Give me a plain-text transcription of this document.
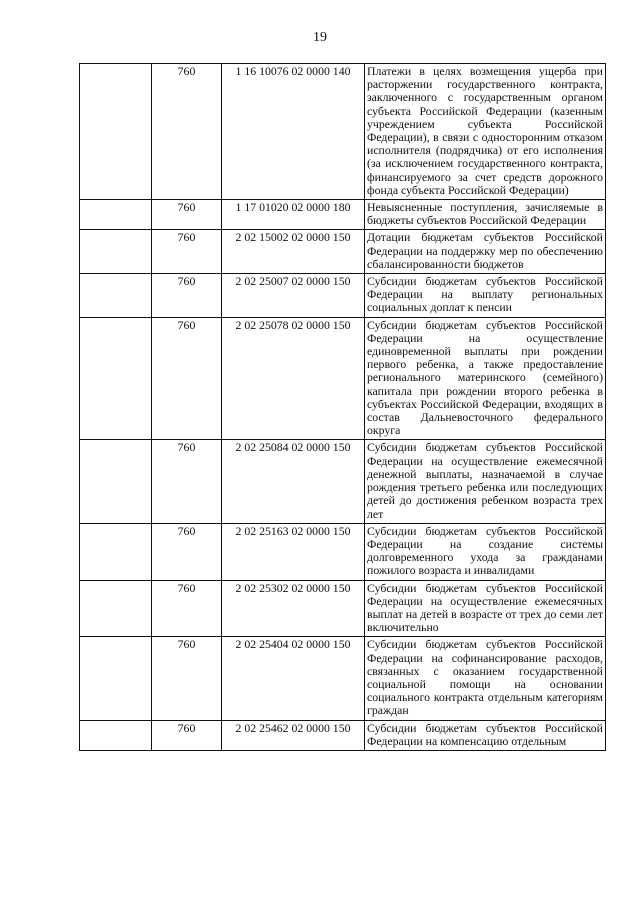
19
	760	1 16 10076 02 0000 140	Платежи в целях возмещения ущерба при расторжении государственного контракта, заключенного с государственным органом субъекта Российской Федерации (казенным учреждением субъекта Российской Федерации), в связи с односторонним отказом исполнителя (подрядчика) от его исполнения (за исключением государственного контракта, финансируемого за счет средств дорожного фонда субъекта Российской Федерации)
	760	1 17 01020 02 0000 180	Невыясненные поступления, зачисляемые в бюджеты субъектов Российской Федерации
	760	2 02 15002 02 0000 150	Дотации бюджетам субъектов Российской Федерации на поддержку мер по обеспечению сбалансированности бюджетов
	760	2 02 25007 02 0000 150	Субсидии бюджетам субъектов Российской Федерации на выплату региональных социальных доплат к пенсии
	760	2 02 25078 02 0000 150	Субсидии бюджетам субъектов Российской Федерации на осуществление единовременной выплаты при рождении первого ребенка, а также предоставление регионального материнского (семейного) капитала при рождении второго ребенка в субъектах Российской Федерации, входящих в состав Дальневосточного федерального округа
	760	2 02 25084 02 0000 150	Субсидии бюджетам субъектов Российской Федерации на осуществление ежемесячной денежной выплаты, назначаемой в случае рождения третьего ребенка или последующих детей до достижения ребенком возраста трех лет
	760	2 02 25163 02 0000 150	Субсидии бюджетам субъектов Российской Федерации на создание системы долговременного ухода за гражданами пожилого возраста и инвалидами
	760	2 02 25302 02 0000 150	Субсидии бюджетам субъектов Российской Федерации на осуществление ежемесячных выплат на детей в возрасте от трех до семи лет включительно
	760	2 02 25404 02 0000 150	Субсидии бюджетам субъектов Российской Федерации на софинансирование расходов, связанных с оказанием государственной социальной помощи на основании социального контракта отдельным категориям граждан
	760	2 02 25462 02 0000 150	Субсидии бюджетам субъектов Российской Федерации на компенсацию отдельным
